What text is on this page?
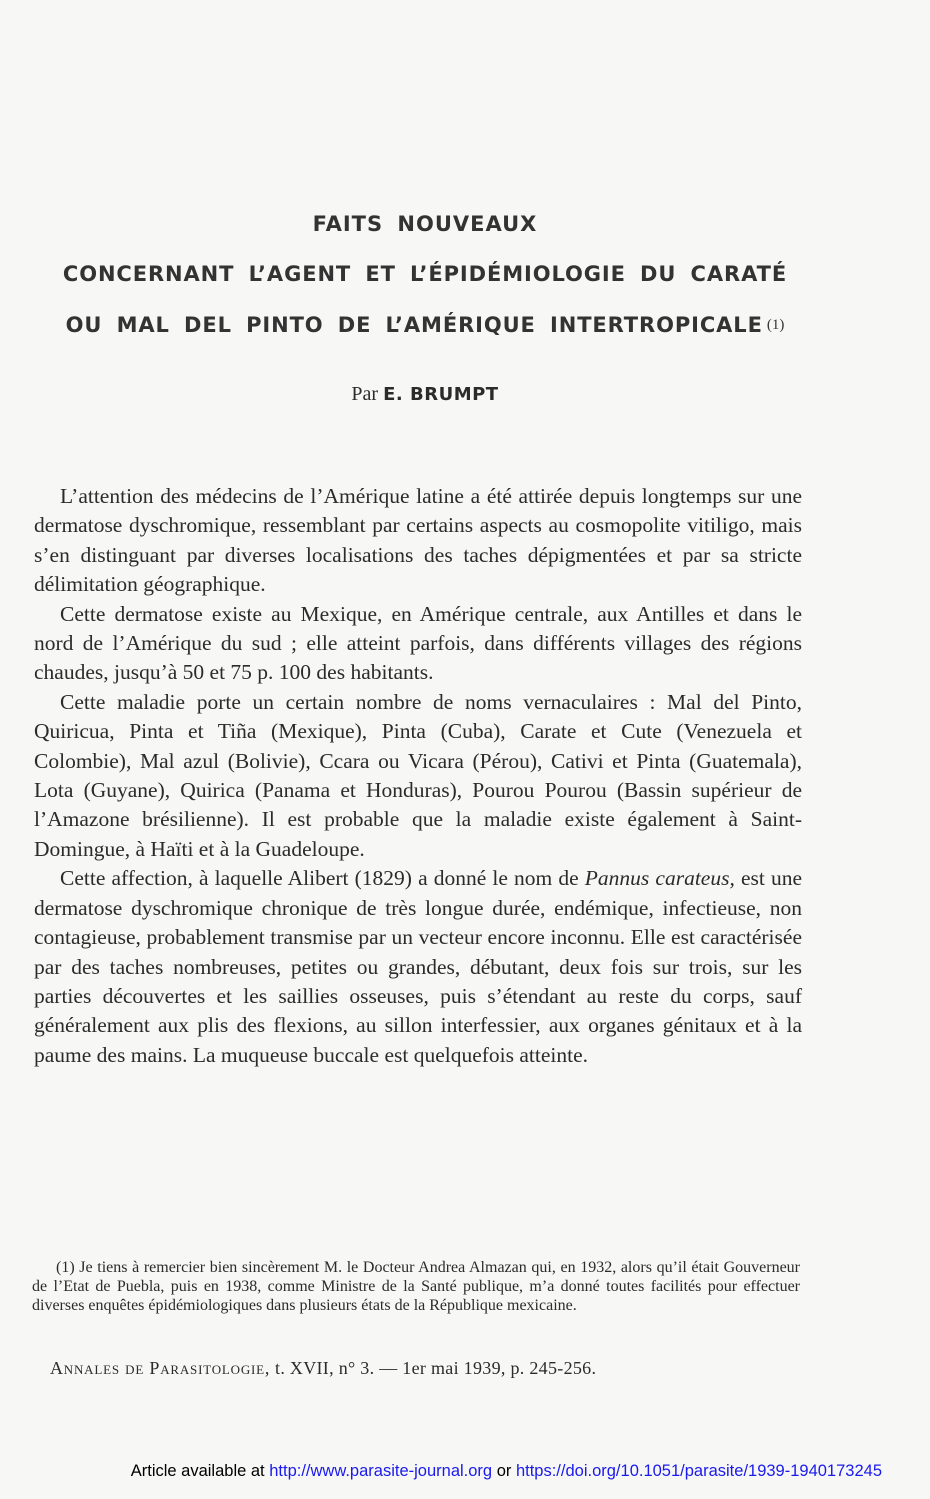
FAITS NOUVEAUX
CONCERNANT L’AGENT ET L’ÉPIDÉMIOLOGIE DU CARATÉ
OU MAL DEL PINTO DE L’AMÉRIQUE INTERTROPICALE (1)
Par E. BRUMPT

L’attention des médecins de l’Amérique latine a été attirée depuis longtemps sur une dermatose dyschromique, ressemblant par certains aspects au cosmopolite vitiligo, mais s’en distinguant par diverses localisations des taches dépigmentées et par sa stricte délimitation géographique.

Cette dermatose existe au Mexique, en Amérique centrale, aux Antilles et dans le nord de l’Amérique du sud ; elle atteint parfois, dans différents villages des régions chaudes, jusqu’à 50 et 75 p. 100 des habitants.

Cette maladie porte un certain nombre de noms vernaculaires : Mal del Pinto, Quiricua, Pinta et Tiña (Mexique), Pinta (Cuba), Carate et Cute (Venezuela et Colombie), Mal azul (Bolivie), Ccara ou Vicara (Pérou), Cativi et Pinta (Guatemala), Lota (Guyane), Quirica (Panama et Honduras), Pourou Pourou (Bassin supérieur de l’Amazone brésilienne). Il est probable que la maladie existe également à Saint-Domingue, à Haïti et à la Guadeloupe.

Cette affection, à laquelle Alibert (1829) a donné le nom de Pannus carateus, est une dermatose dyschromique chronique de très longue durée, endémique, infectieuse, non contagieuse, probablement transmise par un vecteur encore inconnu. Elle est caractérisée par des taches nombreuses, petites ou grandes, débutant, deux fois sur trois, sur les parties découvertes et les saillies osseuses, puis s’étendant au reste du corps, sauf généralement aux plis des flexions, au sillon interfessier, aux organes génitaux et à la paume des mains. La muqueuse buccale est quelquefois atteinte.

(1) Je tiens à remercier bien sincèrement M. le Docteur Andrea Almazan qui, en 1932, alors qu’il était Gouverneur de l’Etat de Puebla, puis en 1938, comme Ministre de la Santé publique, m’a donné toutes facilités pour effectuer diverses enquêtes épidémiologiques dans plusieurs états de la République mexicaine.
Annales de Parasitologie, t. XVII, n° 3. — 1er mai 1939, p. 245-256.
Article available at http://www.parasite-journal.org or https://doi.org/10.1051/parasite/1939-1940173245
